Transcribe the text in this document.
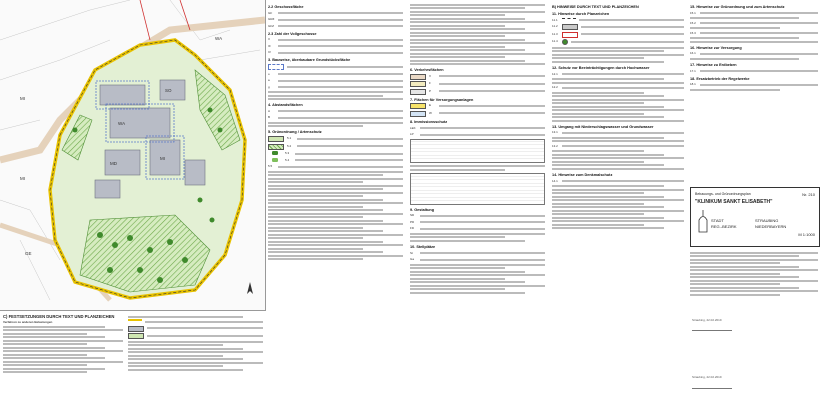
WA
MI
MD
SO
MI
GE
WA
MI
C) FESTSETZUNGEN DURCH TEXT UND PLANZEICHEN
Verfahren zu anderen Belastungen
2.2 Geschossfläche
GF
GRZ
GFZ
2.3 Zahl der Vollgeschosse
II
III
IV
3. Bauweise, überbaubare Grundstücksfläche
o
a
g
4. Abstandsflächen
A
B
5. Grünordnung / Artenschutz
5.1
5.2
5.3
5.4
5.5
6. Verkehrsflächen
V
F
P
7. Flächen für Versorgungsanlagen
E
W
8. Immissionsschutz
LEK
LP
9. Gestaltung
SD
PD
FD
10. Stellplätze
St
Ga
B) HINWEISE DURCH TEXT UND PLANZEICHEN
11. Hinweise durch Planzeichen
11.1
11.2
11.3
11.4
12. Schutz vor Beeinträchtigungen durch Hochwasser
12.1
12.2
13. Umgang mit Niederschlagswasser und Grundwasser
13.1
13.2
14. Hinweise zum Denkmalschutz
14.1
15. Hinweise zur Grünordnung und zum Artenschutz
15.1
15.2
15.3
16. Hinweise zur Versorgung
16.1
17. Hinweise zu Erdbeben
17.1
18. Ersatzbetrieb der Regelwerke
18.1
Bebauungs- und Grünordnungsplan	Nr. 210
"KLINIKUM SANKT ELISABETH"
STADT
REG.-BEZIRK
STRAUBING
NIEDERBAYERN
M 1:1000
Straubing, 22.02.2019
Straubing, 22.02.2019
